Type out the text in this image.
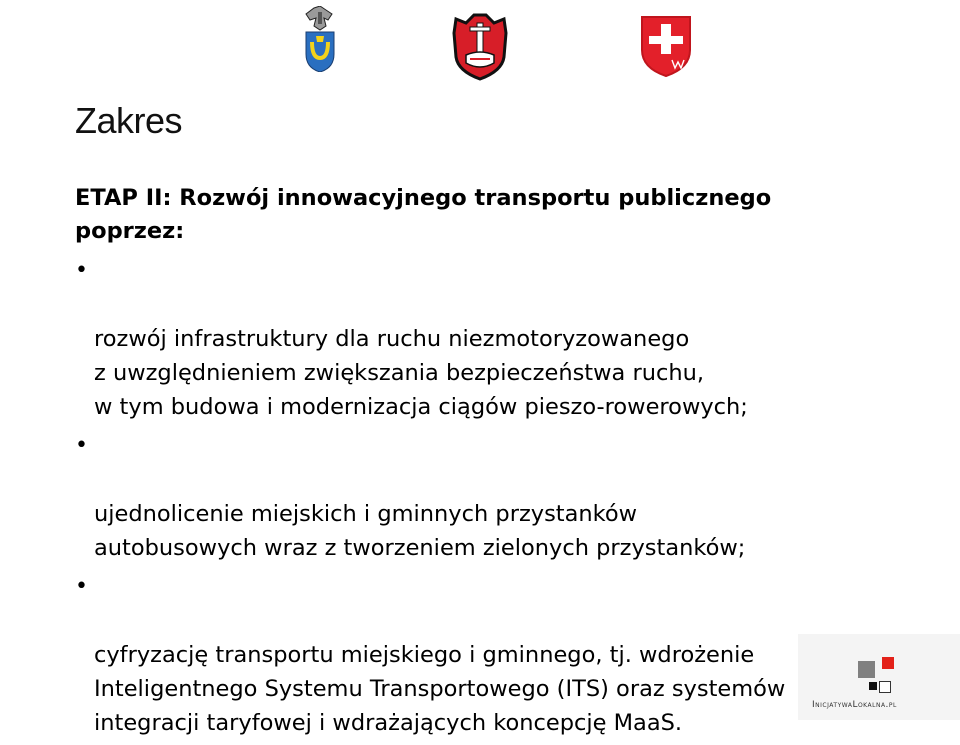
Zakres
ETAP II: Rozwój innowacyjnego transportu publicznego poprzez:

•

rozwój infrastruktury dla ruchu niezmotoryzowanego
z uwzględnieniem zwiększania bezpieczeństwa ruchu,
w tym budowa i modernizacja ciągów pieszo-rowerowych;

•

ujednolicenie miejskich i gminnych przystanków
autobusowych wraz z tworzeniem zielonych przystanków;

•

cyfryzację transportu miejskiego i gminnego, tj. wdrożenie
Inteligentnego Systemu Transportowego (ITS) oraz systemów
integracji taryfowej i wdrażających koncepcję MaaS.

InicjatywaLokalna.pl
